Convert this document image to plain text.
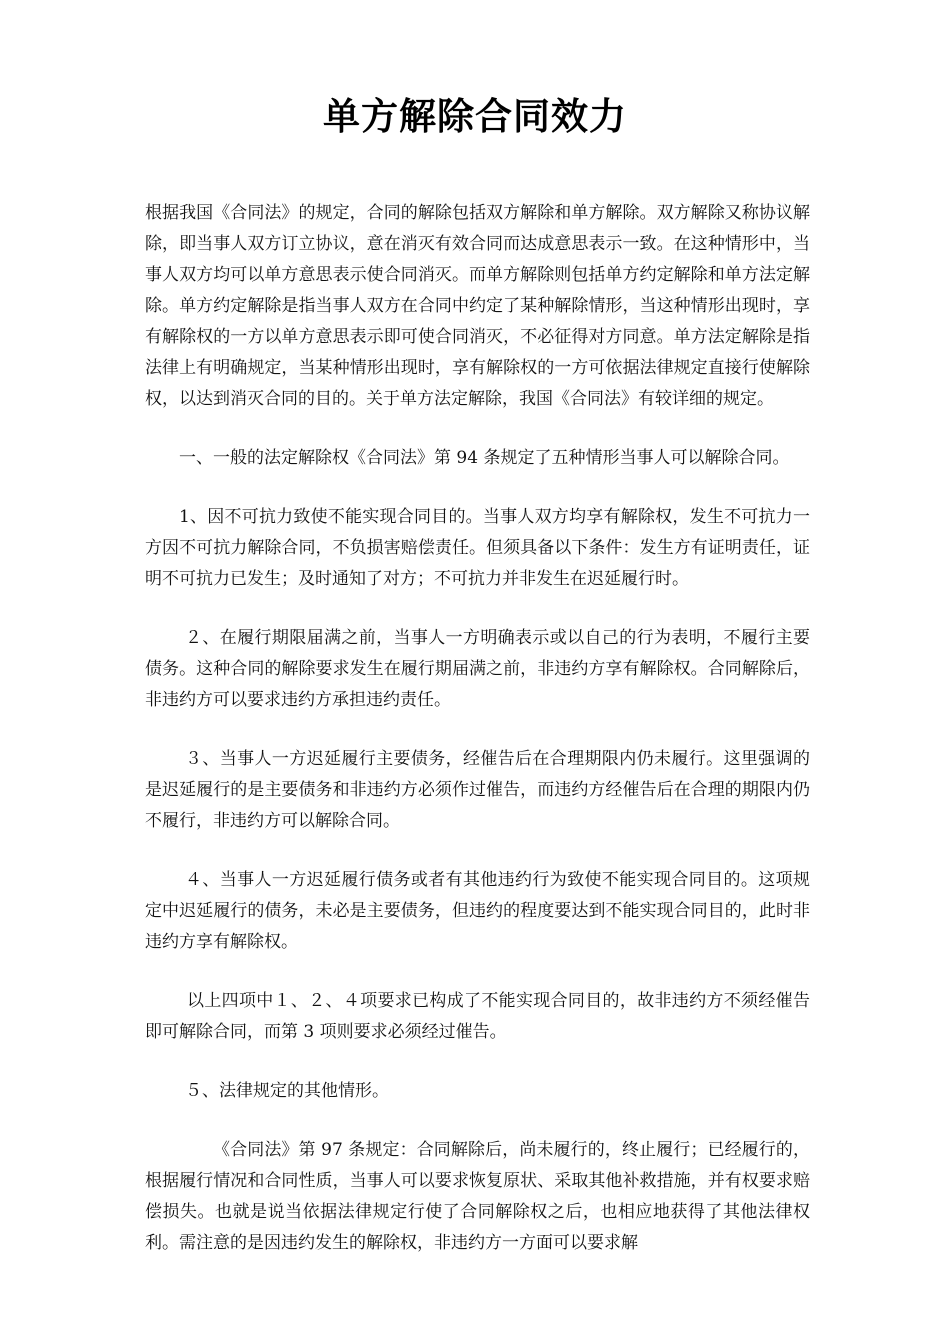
单方解除合同效力

根据我国《合同法》的规定，合同的解除包括双方解除和单方解除。双方解除又称协议解除，即当事人双方订立协议，意在消灭有效合同而达成意思表示一致。在这种情形中，当事人双方均可以单方意思表示使合同消灭。而单方解除则包括单方约定解除和单方法定解除。单方约定解除是指当事人双方在合同中约定了某种解除情形，当这种情形出现时，享有解除权的一方以单方意思表示即可使合同消灭，不必征得对方同意。单方法定解除是指法律上有明确规定，当某种情形出现时，享有解除权的一方可依据法律规定直接行使解除权，以达到消灭合同的目的。关于单方法定解除，我国《合同法》有较详细的规定。

一、一般的法定解除权《合同法》第 94 条规定了五种情形当事人可以解除合同。

1、因不可抗力致使不能实现合同目的。当事人双方均享有解除权，发生不可抗力一方因不可抗力解除合同，不负损害赔偿责任。但须具备以下条件：发生方有证明责任，证明不可抗力已发生；及时通知了对方；不可抗力并非发生在迟延履行时。

２、在履行期限届满之前，当事人一方明确表示或以自己的行为表明，不履行主要债务。这种合同的解除要求发生在履行期届满之前，非违约方享有解除权。合同解除后，非违约方可以要求违约方承担违约责任。

３、当事人一方迟延履行主要债务，经催告后在合理期限内仍未履行。这里强调的是迟延履行的是主要债务和非违约方必须作过催告，而违约方经催告后在合理的期限内仍不履行，非违约方可以解除合同。

４、当事人一方迟延履行债务或者有其他违约行为致使不能实现合同目的。这项规定中迟延履行的债务，未必是主要债务，但违约的程度要达到不能实现合同目的，此时非违约方享有解除权。

以上四项中１、２、４项要求已构成了不能实现合同目的，故非违约方不须经催告即可解除合同，而第 3 项则要求必须经过催告。

５、法律规定的其他情形。

《合同法》第 97 条规定：合同解除后，尚未履行的，终止履行；已经履行的，根据履行情况和合同性质，当事人可以要求恢复原状、采取其他补救措施，并有权要求赔偿损失。也就是说当依据法律规定行使了合同解除权之后，也相应地获得了其他法律权利。需注意的是因违约发生的解除权，非违约方一方面可以要求解
